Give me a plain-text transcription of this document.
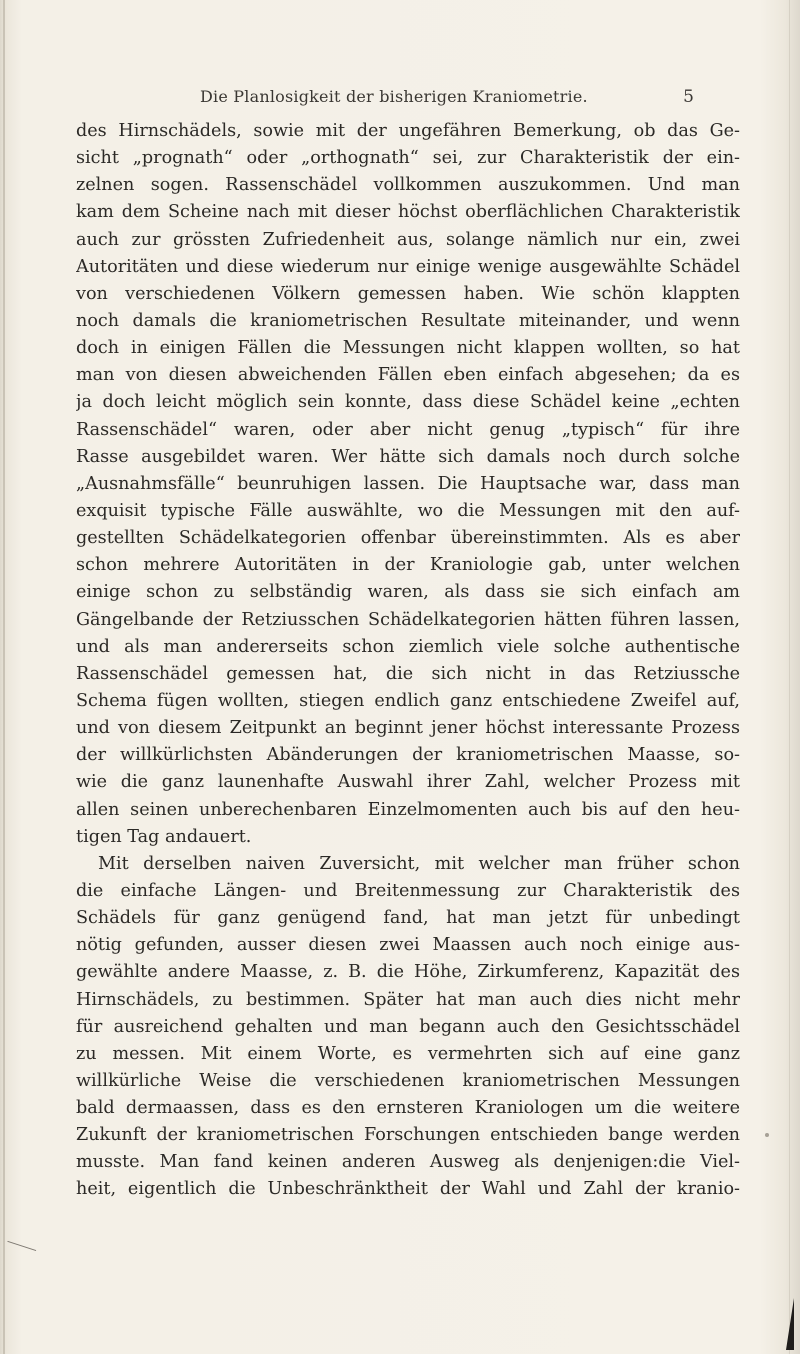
Die Planlosigkeit der bisherigen Kraniometrie.	5
des Hirnschädels, sowie mit der ungefähren Bemerkung, ob das Ge-
sicht „prognath“ oder „orthognath“ sei, zur Charakteristik der ein-
zelnen sogen. Rassenschädel vollkommen auszukommen. Und man
kam dem Scheine nach mit dieser höchst oberflächlichen Charakteristik
auch zur grössten Zufriedenheit aus, solange nämlich nur ein, zwei
Autoritäten und diese wiederum nur einige wenige ausgewählte Schädel
von verschiedenen Völkern gemessen haben. Wie schön klappten
noch damals die kraniometrischen Resultate miteinander, und wenn
doch in einigen Fällen die Messungen nicht klappen wollten, so hat
man von diesen abweichenden Fällen eben einfach abgesehen; da es
ja doch leicht möglich sein konnte, dass diese Schädel keine „echten
Rassenschädel“ waren, oder aber nicht genug „typisch“ für ihre
Rasse ausgebildet waren. Wer hätte sich damals noch durch solche
„Ausnahmsfälle“ beunruhigen lassen. Die Hauptsache war, dass man
exquisit typische Fälle auswählte, wo die Messungen mit den auf-
gestellten Schädelkategorien offenbar übereinstimmten. Als es aber
schon mehrere Autoritäten in der Kraniologie gab, unter welchen
einige schon zu selbständig waren, als dass sie sich einfach am
Gängelbande der Retziusschen Schädelkategorien hätten führen lassen,
und als man andererseits schon ziemlich viele solche authentische
Rassenschädel gemessen hat, die sich nicht in das Retziussche
Schema fügen wollten, stiegen endlich ganz entschiedene Zweifel auf,
und von diesem Zeitpunkt an beginnt jener höchst interessante Prozess
der willkürlichsten Abänderungen der kraniometrischen Maasse, so-
wie die ganz launenhafte Auswahl ihrer Zahl, welcher Prozess mit
allen seinen unberechenbaren Einzelmomenten auch bis auf den heu-
tigen Tag andauert.
Mit derselben naiven Zuversicht, mit welcher man früher schon
die einfache Längen- und Breitenmessung zur Charakteristik des
Schädels für ganz genügend fand, hat man jetzt für unbedingt
nötig gefunden, ausser diesen zwei Maassen auch noch einige aus-
gewählte andere Maasse, z. B. die Höhe, Zirkumferenz, Kapazität des
Hirnschädels, zu bestimmen. Später hat man auch dies nicht mehr
für ausreichend gehalten und man begann auch den Gesichtsschädel
zu messen. Mit einem Worte, es vermehrten sich auf eine ganz
willkürliche Weise die verschiedenen kraniometrischen Messungen
bald dermaassen, dass es den ernsteren Kraniologen um die weitere
Zukunft der kraniometrischen Forschungen entschieden bange werden
musste. Man fand keinen anderen Ausweg als denjenigen:die Viel-
heit, eigentlich die Unbeschränktheit der Wahl und Zahl der kranio-
